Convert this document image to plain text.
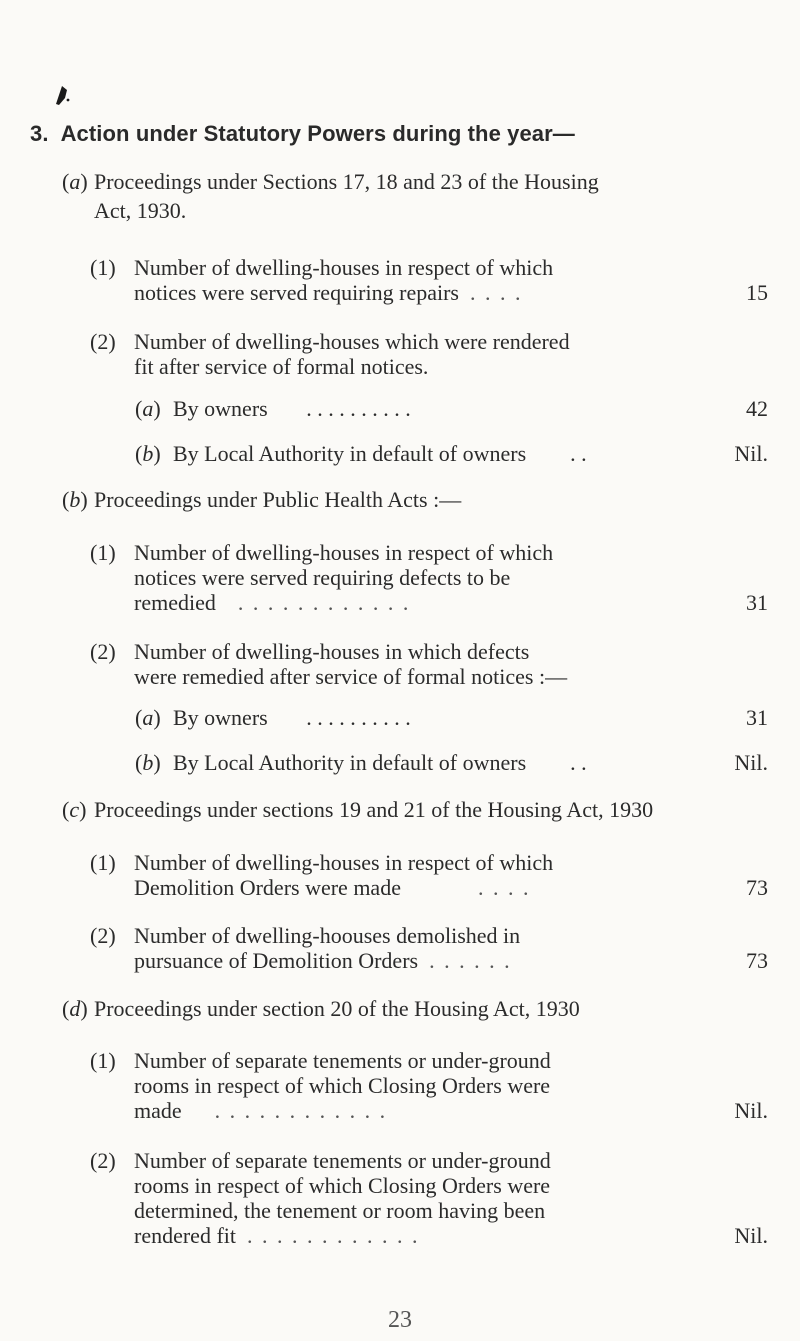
3. Action under Statutory Powers during the year—
(a) Proceedings under Sections 17, 18 and 23 of the Housing
Act, 1930.
(1) Number of dwelling-houses in respect of which
notices were served requiring repairs . . . .	15
(2) Number of dwelling-houses which were rendered
fit after service of formal notices.
(a) By owners . . . . . . . . . .	42
(b) By Local Authority in default of owners . .	Nil.
(b) Proceedings under Public Health Acts :—
(1) Number of dwelling-houses in respect of which
notices were served requiring defects to be
remedied . . . . . . . . . . . .	31
(2) Number of dwelling-houses in which defects
were remedied after service of formal notices :—
(a) By owners . . . . . . . . . .	31
(b) By Local Authority in default of owners . .	Nil.
(c) Proceedings under sections 19 and 21 of the Housing Act, 1930
(1) Number of dwelling-houses in respect of which
Demolition Orders were made	. . . .	73
(2) Number of dwelling-hoouses demolished in
pursuance of Demolition Orders . . . . . .	73
(d) Proceedings under section 20 of the Housing Act, 1930
(1) Number of separate tenements or under-ground
rooms in respect of which Closing Orders were
made . . . . . . . . . . . .	Nil.
(2) Number of separate tenements or under-ground
rooms in respect of which Closing Orders were
determined, the tenement or room having been
rendered fit . . . . . . . . . . . .	Nil.
23
